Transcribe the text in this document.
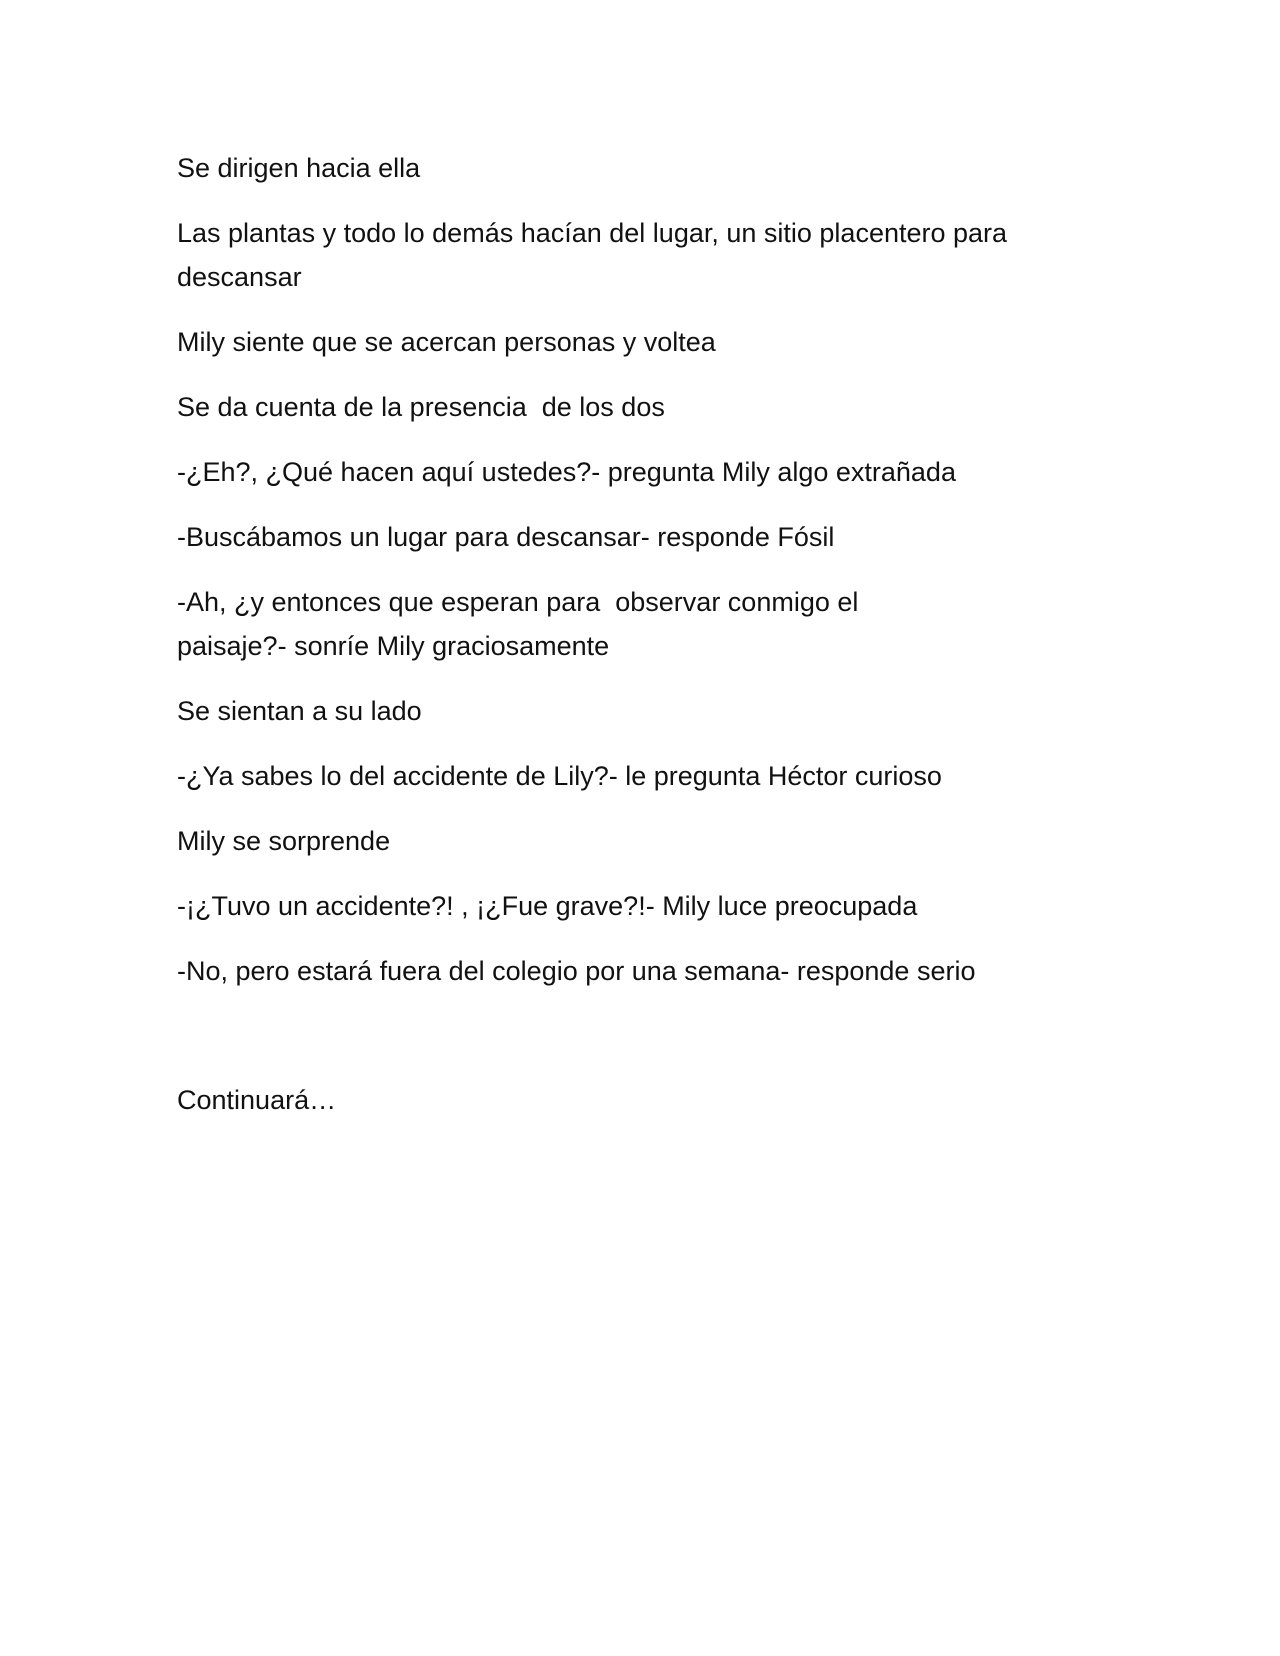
Se dirigen hacia ella

Las plantas y todo lo demás hacían del lugar, un sitio placentero para descansar

Mily siente que se acercan personas y voltea

Se da cuenta de la presencia  de los dos

-¿Eh?, ¿Qué hacen aquí ustedes?- pregunta Mily algo extrañada

-Buscábamos un lugar para descansar- responde Fósil

-Ah, ¿y entonces que esperan para  observar conmigo el paisaje?- sonríe Mily graciosamente

Se sientan a su lado

-¿Ya sabes lo del accidente de Lily?- le pregunta Héctor curioso

Mily se sorprende

-¡¿Tuvo un accidente?! , ¡¿Fue grave?!- Mily luce preocupada

-No, pero estará fuera del colegio por una semana- responde serio

Continuará…
